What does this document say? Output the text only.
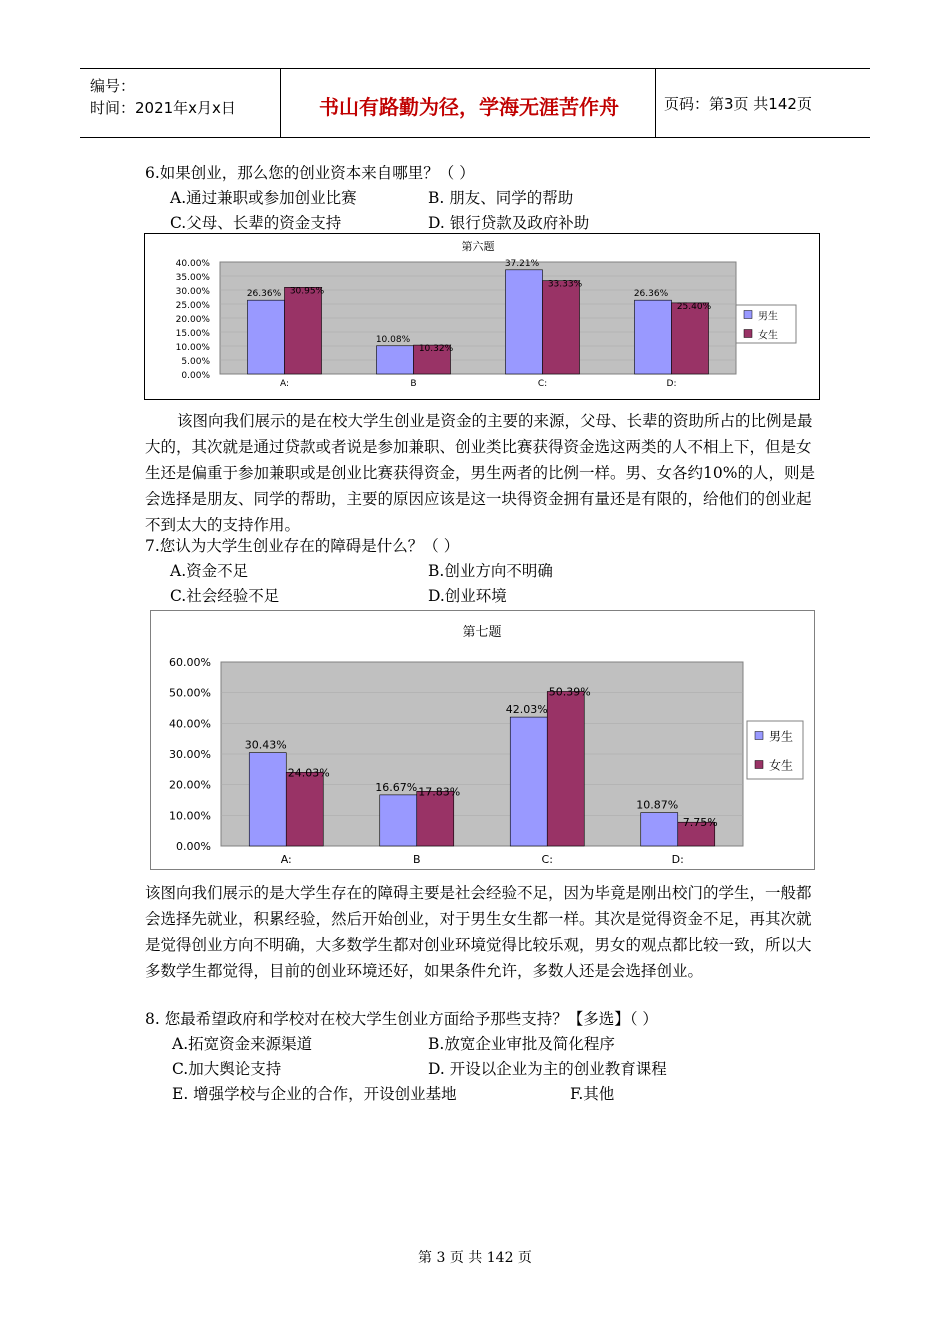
编号：
时间：2021年x月x日	书山有路勤为径，学海无涯苦作舟	页码：第3页 共142页
6.如果创业，那么您的创业资本来自哪里？（ ）
A.通过兼职或参加创业比赛	B. 朋友、同学的帮助
C.父母、长辈的资金支持	D. 银行贷款及政府补助
第六题
0.00%
5.00%
10.00%
15.00%
20.00%
25.00%
30.00%
35.00%
40.00%
A:
26.36% 30.95%
B
10.08%
10.32%
C:
37.21%
33.33%
D:
26.36%
25.40%
男生
女生
该图向我们展示的是在校大学生创业是资金的主要的来源，父母、长辈的资助所占的比例是最大的，其次就是通过贷款或者说是参加兼职、创业类比赛获得资金选这两类的人不相上下，但是女生还是偏重于参加兼职或是创业比赛获得资金，男生两者的比例一样。男、女各约10%的人，则是会选择是朋友、同学的帮助，主要的原因应该是这一块得资金拥有量还是有限的，给他们的创业起不到太大的支持作用。
7.您认为大学生创业存在的障碍是什么？（ ）
A.资金不足	B.创业方向不明确
C.社会经验不足	D.创业环境
第七题
0.00%
10.00%
20.00%
30.00%
40.00%
50.00%
60.00%
A:
30.43%
24.03%
B
16.67% 17.83%
C:
42.03%
50.39%
D:
10.87%
7.75%
男生
女生
该图向我们展示的是大学生存在的障碍主要是社会经验不足，因为毕竟是刚出校门的学生，一般都会选择先就业，积累经验，然后开始创业，对于男生女生都一样。其次是觉得资金不足，再其次就是觉得创业方向不明确，大多数学生都对创业环境觉得比较乐观，男女的观点都比较一致，所以大多数学生都觉得，目前的创业环境还好，如果条件允许，多数人还是会选择创业。
8. 您最希望政府和学校对在校大学生创业方面给予那些支持？【多选】（ ）
A.拓宽资金来源渠道	B.放宽企业审批及简化程序
C.加大舆论支持	D. 开设以企业为主的创业教育课程
E. 增强学校与企业的合作，开设创业基地	F.其他
第 3 页 共 142 页
